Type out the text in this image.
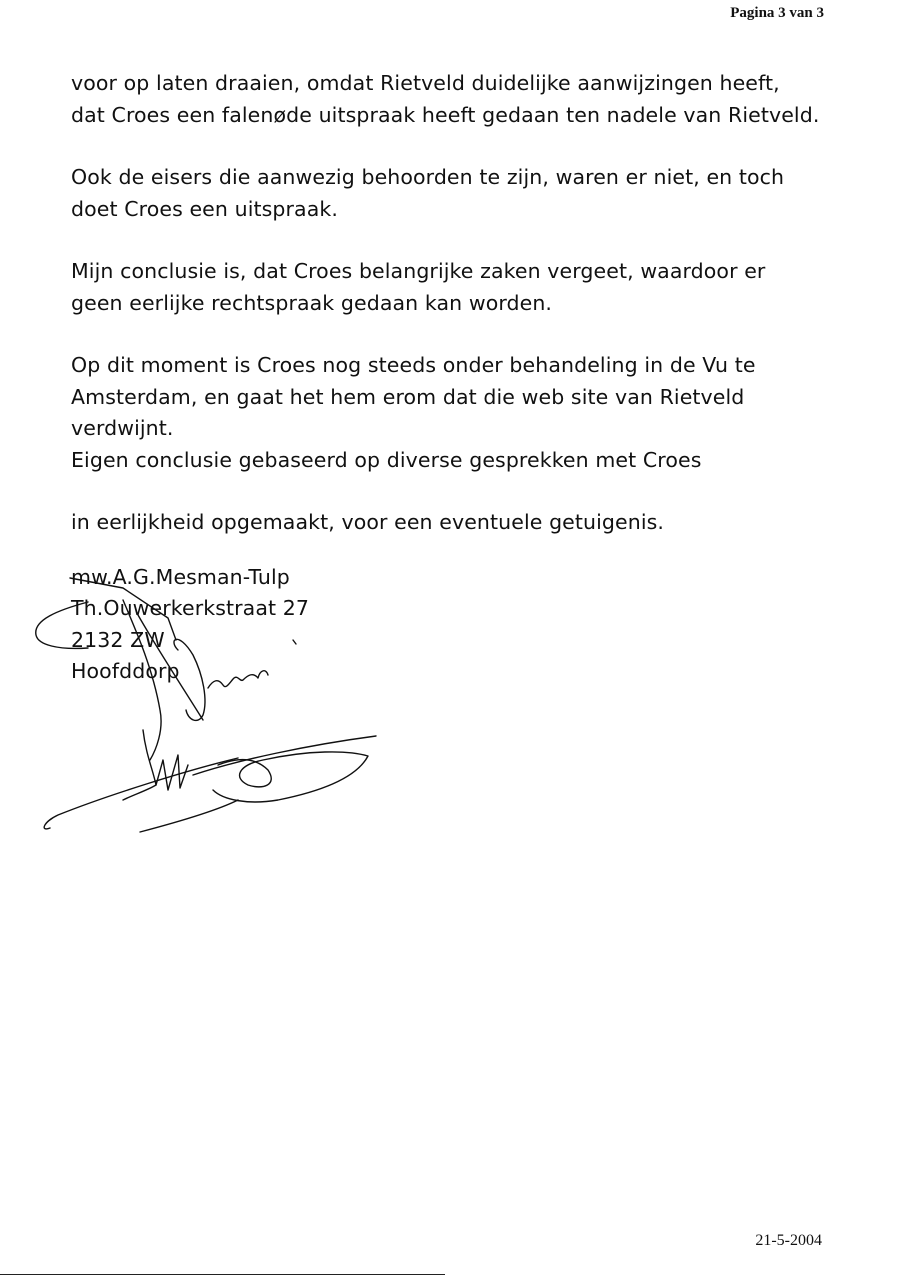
Pagina 3 van 3
voor op laten draaien, omdat Rietveld duidelijke aanwijzingen heeft,
dat Croes een falenøde uitspraak heeft gedaan ten nadele van Rietveld.
Ook de eisers die aanwezig behoorden te zijn, waren er niet, en toch
doet Croes een uitspraak.
Mijn conclusie is, dat Croes belangrijke zaken vergeet, waardoor er
geen eerlijke rechtspraak gedaan kan worden.
Op dit moment is Croes nog steeds onder behandeling in de Vu te
Amsterdam, en gaat het hem erom dat die web site van Rietveld
verdwijnt.
Eigen conclusie gebaseerd op diverse gesprekken met Croes
in eerlijkheid opgemaakt, voor een eventuele getuigenis.
mw.A.G.Mesman-Tulp
Th.Ouwerkerkstraat 27
2132 ZW
Hoofddorp
21-5-2004
